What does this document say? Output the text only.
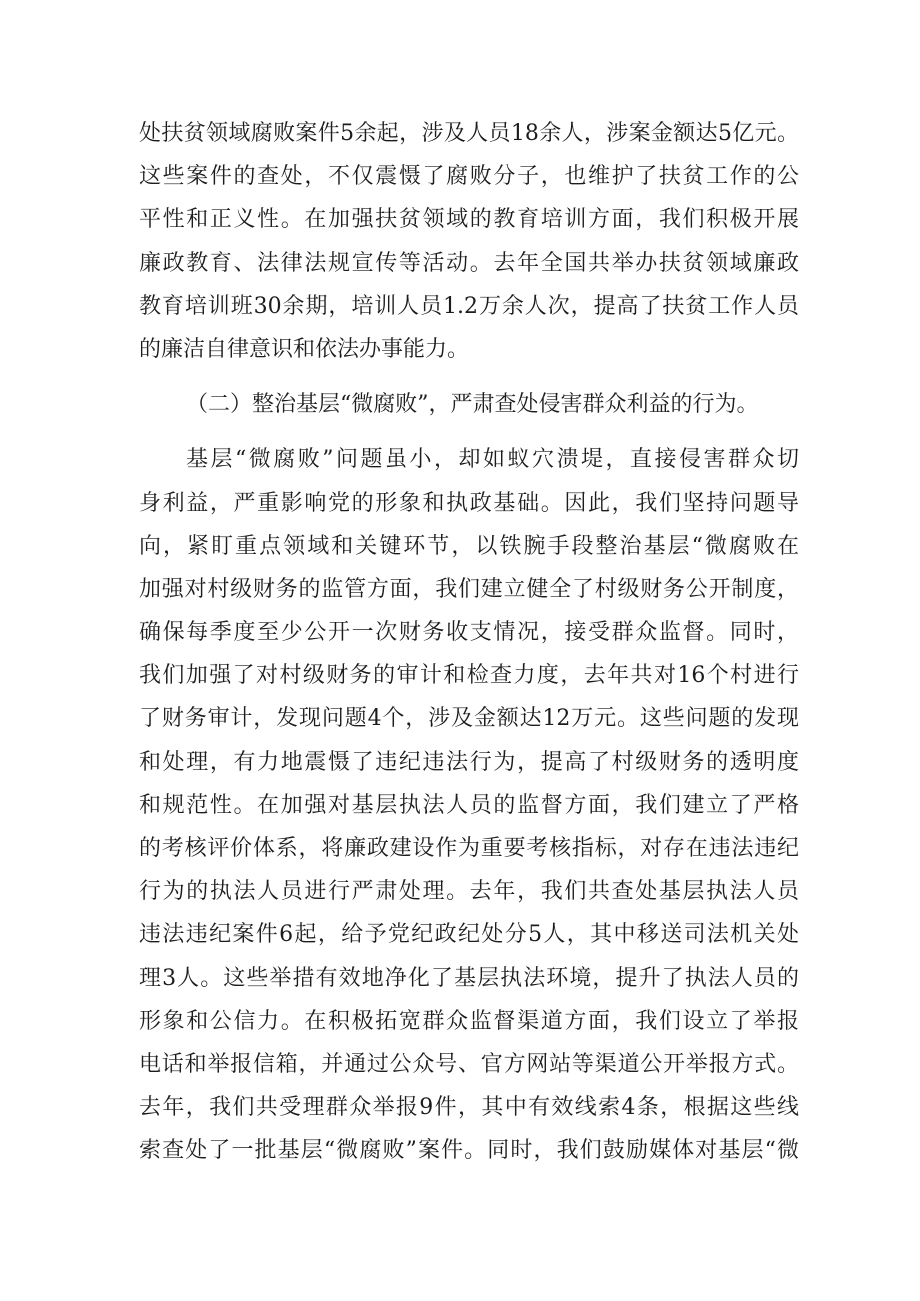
处扶贫领域腐败案件5余起，涉及人员18余人，涉案金额达5亿元。
这些案件的查处，不仅震慑了腐败分子，也维护了扶贫工作的公
平性和正义性。在加强扶贫领域的教育培训方面，我们积极开展
廉政教育、法律法规宣传等活动。去年全国共举办扶贫领域廉政
教育培训班30余期，培训人员1.2万余人次，提高了扶贫工作人员
的廉洁自律意识和依法办事能力。
（二）整治基层“微腐败”，严肃查处侵害群众利益的行为。
基层“微腐败”问题虽小，却如蚁穴溃堤，直接侵害群众切
身利益，严重影响党的形象和执政基础。因此，我们坚持问题导
向，紧盯重点领域和关键环节，以铁腕手段整治基层“微腐败在
加强对村级财务的监管方面，我们建立健全了村级财务公开制度，
确保每季度至少公开一次财务收支情况，接受群众监督。同时，
我们加强了对村级财务的审计和检查力度，去年共对16个村进行
了财务审计，发现问题4个，涉及金额达12万元。这些问题的发现
和处理，有力地震慑了违纪违法行为，提高了村级财务的透明度
和规范性。在加强对基层执法人员的监督方面，我们建立了严格
的考核评价体系，将廉政建设作为重要考核指标，对存在违法违纪
行为的执法人员进行严肃处理。去年，我们共查处基层执法人员
违法违纪案件6起，给予党纪政纪处分5人，其中移送司法机关处
理3人。这些举措有效地净化了基层执法环境，提升了执法人员的
形象和公信力。在积极拓宽群众监督渠道方面，我们设立了举报
电话和举报信箱，并通过公众号、官方网站等渠道公开举报方式。
去年，我们共受理群众举报9件，其中有效线索4条，根据这些线
索查处了一批基层“微腐败”案件。同时，我们鼓励媒体对基层“微
